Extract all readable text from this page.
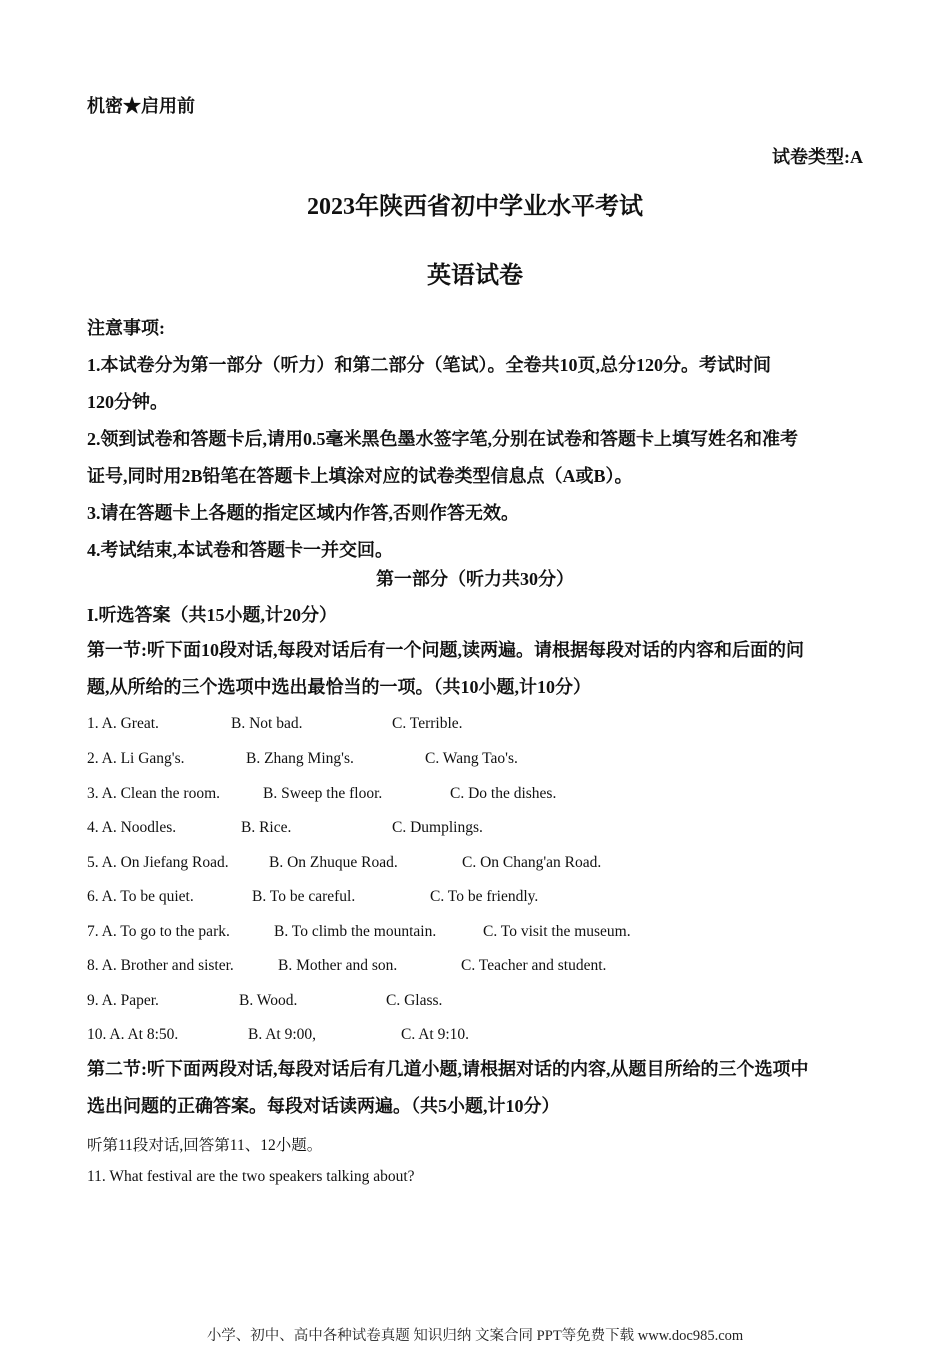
机密★启用前
试卷类型:A
2023年陕西省初中学业水平考试
英语试卷
注意事项:
1.本试卷分为第一部分（听力）和第二部分（笔试）。全卷共10页,总分120分。考试时间
120分钟。
2.领到试卷和答题卡后,请用0.5毫米黑色墨水签字笔,分别在试卷和答题卡上填写姓名和准考
证号,同时用2B铅笔在答题卡上填涂对应的试卷类型信息点（A或B）。
3.请在答题卡上各题的指定区域内作答,否则作答无效。
4.考试结束,本试卷和答题卡一并交回。
第一部分（听力共30分）
I.听选答案（共15小题,计20分）
第一节:听下面10段对话,每段对话后有一个问题,读两遍。请根据每段对话的内容和后面的问
题,从所给的三个选项中选出最恰当的一项。（共10小题,计10分）
1. A. Great.	B. Not bad.	C. Terrible.
2. A. Li Gang's.	B. Zhang Ming's.	C. Wang Tao's.
3. A. Clean the room.	B. Sweep the floor.	C. Do the dishes.
4. A. Noodles.	B. Rice.	C. Dumplings.
5. A. On Jiefang Road.	B. On Zhuque Road.	C. On Chang'an Road.
6. A. To be quiet.	B. To be careful.	C. To be friendly.
7. A. To go to the park.	B. To climb the mountain.	C. To visit the museum.
8. A. Brother and sister.	B. Mother and son.	C. Teacher and student.
9. A. Paper.	B. Wood.	C. Glass.
10. A. At 8:50.	B. At 9:00,	C. At 9:10.
第二节:听下面两段对话,每段对话后有几道小题,请根据对话的内容,从题目所给的三个选项中
选出问题的正确答案。每段对话读两遍。（共5小题,计10分）
听第11段对话,回答第11、12小题。
11. What festival are the two speakers talking about?
小学、初中、高中各种试卷真题 知识归纳 文案合同 PPT等免费下载 www.doc985.com
